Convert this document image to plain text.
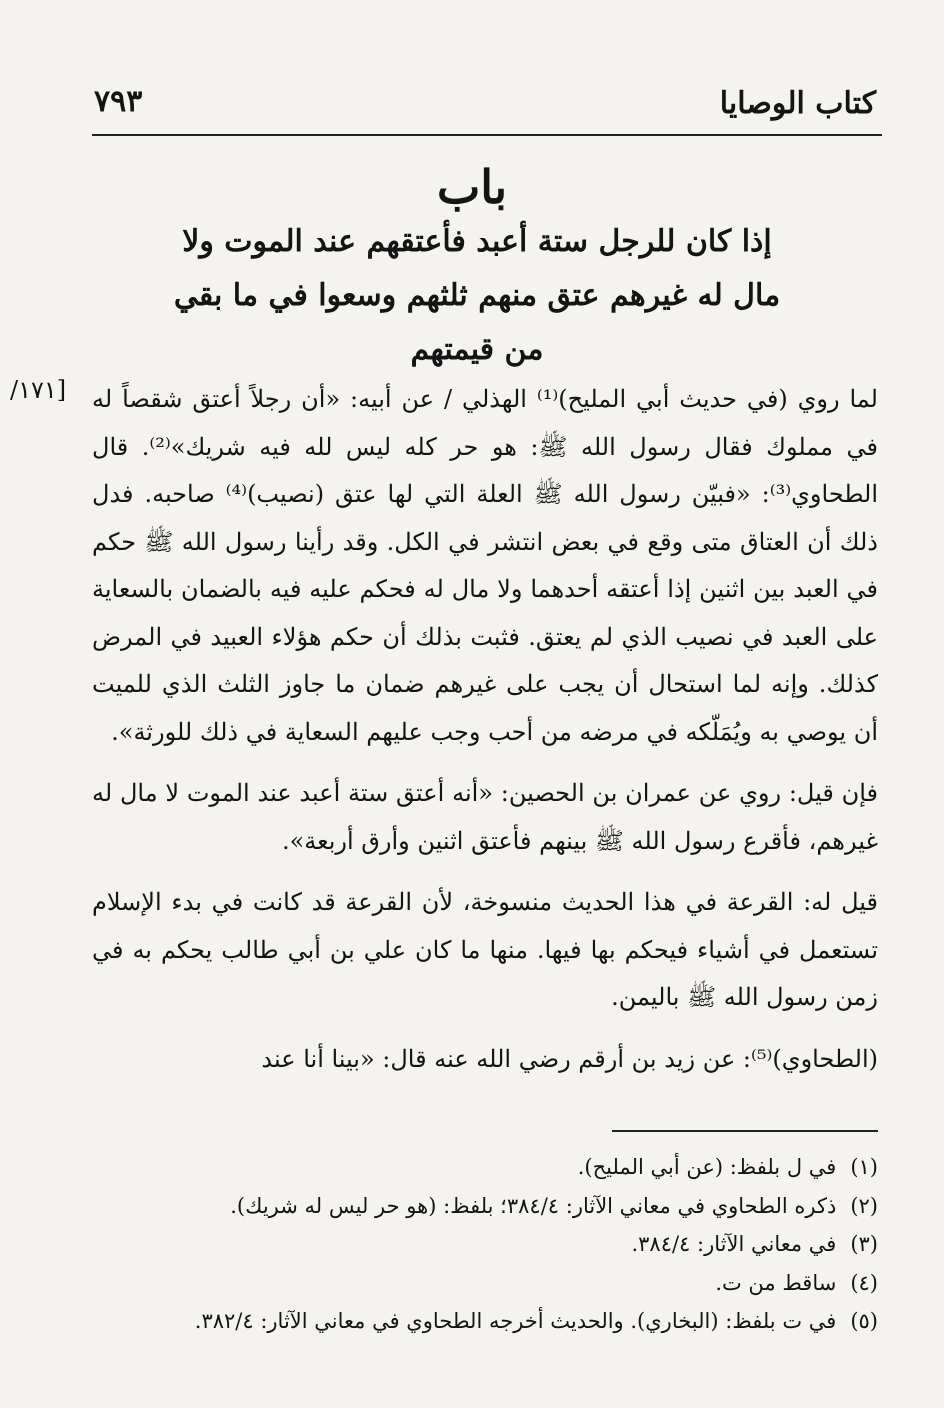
كتاب الوصايا
٧٩٣
باب
إذا كان للرجل ستة أعبد فأعتقهم عند الموت ولا
مال له غيرهم عتق منهم ثلثهم وسعوا في ما بقي
من قيمتهم
[١٧١/ لما روي (في حديث أبي المليح)⁽¹⁾ الهذلي / عن أبيه: «أن رجلاً أعتق شقصاً له في مملوك فقال رسول الله ﷺ: هو حر كله ليس لله فيه شريك»⁽²⁾. قال الطحاوي⁽³⁾: «فبيّن رسول الله ﷺ العلة التي لها عتق (نصيب)⁽⁴⁾ صاحبه. فدل ذلك أن العتاق متى وقع في بعض انتشر في الكل. وقد رأينا رسول الله ﷺ حكم في العبد بين اثنين إذا أعتقه أحدهما ولا مال له فحكم عليه فيه بالضمان بالسعاية على العبد في نصيب الذي لم يعتق. فثبت بذلك أن حكم هؤلاء العبيد في المرض كذلك. وإنه لما استحال أن يجب على غيرهم ضمان ما جاوز الثلث الذي للميت أن يوصي به ويُمَلّكه في مرضه من أحب وجب عليهم السعاية في ذلك للورثة».

فإن قيل: روي عن عمران بن الحصين: «أنه أعتق ستة أعبد عند الموت لا مال له غيرهم، فأقرع رسول الله ﷺ بينهم فأعتق اثنين وأرق أربعة».

قيل له: القرعة في هذا الحديث منسوخة، لأن القرعة قد كانت في بدء الإسلام تستعمل في أشياء فيحكم بها فيها. منها ما كان علي بن أبي طالب يحكم به في زمن رسول الله ﷺ باليمن.

(الطحاوي)⁽⁵⁾: عن زيد بن أرقم رضي الله عنه قال: «بينا أنا عند

(١)في ل بلفظ: (عن أبي المليح).
(٢)ذكره الطحاوي في معاني الآثار: ٣٨٤/٤؛ بلفظ: (هو حر ليس له شريك).
(٣)في معاني الآثار: ٣٨٤/٤.
(٤)ساقط من ت.
(٥)في ت بلفظ: (البخاري). والحديث أخرجه الطحاوي في معاني الآثار: ٣٨٢/٤.
